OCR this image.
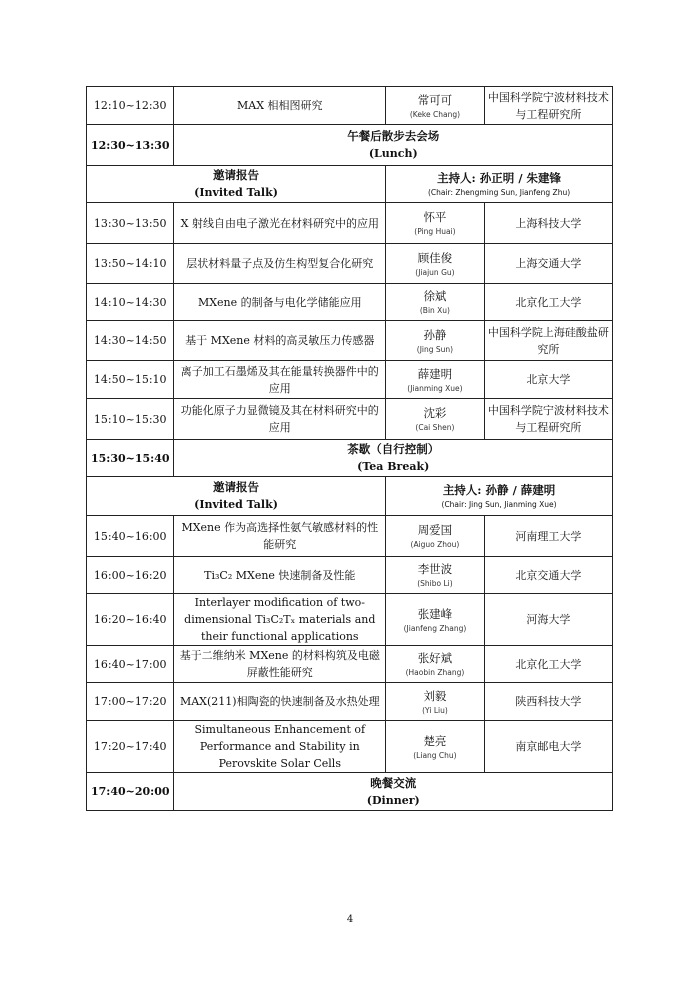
12:10~12:30	MAX 相相图研究	常可可
(Keke Chang)	中国科学院宁波材料技术与工程研究所
12:30~13:30	午餐后散步去会场
(Lunch)		

邀请报告
(Invited Talk)		主持人: 孙正明 / 朱建锋
(Chair: Zhengming Sun, Jianfeng Zhu)	

13:30~13:50	X 射线自由电子激光在材料研究中的应用	怀平
(Ping Huai)	上海科技大学
13:50~14:10	层状材料量子点及仿生构型复合化研究	顾佳俊
(Jiajun Gu)	上海交通大学
14:10~14:30	MXene 的制备与电化学储能应用	徐斌
(Bin Xu)	北京化工大学
14:30~14:50	基于 MXene 材料的高灵敏压力传感器	孙静
(Jing Sun)	中国科学院上海硅酸盐研究所
14:50~15:10	离子加工石墨烯及其在能量转换器件中的应用	薛建明
(Jianming Xue)	北京大学
15:10~15:30	功能化原子力显微镜及其在材料研究中的应用	沈彩
(Cai Shen)	中国科学院宁波材料技术与工程研究所
15:30~15:40	茶歇（自行控制）
(Tea Break)		

邀请报告
(Invited Talk)		主持人: 孙静 / 薛建明
(Chair: Jing Sun, Jianming Xue)	

15:40~16:00	MXene 作为高选择性氨气敏感材料的性能研究	周爱国
(Aiguo Zhou)	河南理工大学
16:00~16:20	Ti₃C₂ MXene 快速制备及性能	李世波
(Shibo Li)	北京交通大学
16:20~16:40	Interlayer modification of two-dimensional Ti₃C₂Tₓ materials and their functional applications	张建峰
(Jianfeng Zhang)	河海大学
16:40~17:00	基于二维纳米 MXene 的材料构筑及电磁屏蔽性能研究	张好斌
(Haobin Zhang)	北京化工大学
17:00~17:20	MAX(211)相陶瓷的快速制备及水热处理	刘毅
(Yi Liu)	陕西科技大学
17:20~17:40	Simultaneous Enhancement of Performance and Stability in Perovskite Solar Cells	楚亮
(Liang Chu)	南京邮电大学
17:40~20:00	晚餐交流
(Dinner)		
4
